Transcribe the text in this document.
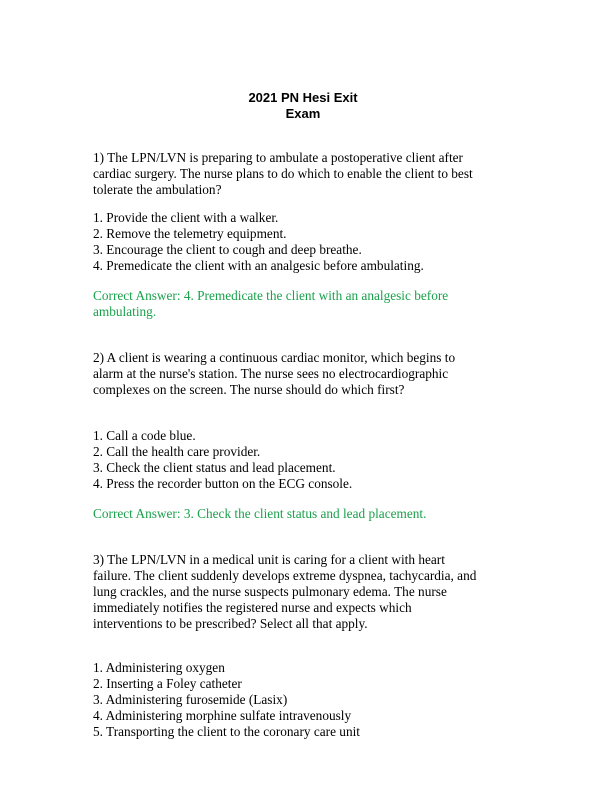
2021 PN Hesi Exit
Exam
1) The LPN/LVN is preparing to ambulate a postoperative client after
cardiac surgery. The nurse plans to do which to enable the client to best
tolerate the ambulation?
1. Provide the client with a walker.
2. Remove the telemetry equipment.
3. Encourage the client to cough and deep breathe.
4. Premedicate the client with an analgesic before ambulating.
Correct Answer: 4. Premedicate the client with an analgesic before
ambulating.
2) A client is wearing a continuous cardiac monitor, which begins to
alarm at the nurse's station. The nurse sees no electrocardiographic
complexes on the screen. The nurse should do which first?
1. Call a code blue.
2. Call the health care provider.
3. Check the client status and lead placement.
4. Press the recorder button on the ECG console.
Correct Answer: 3. Check the client status and lead placement.
3) The LPN/LVN in a medical unit is caring for a client with heart
failure. The client suddenly develops extreme dyspnea, tachycardia, and
lung crackles, and the nurse suspects pulmonary edema. The nurse
immediately notifies the registered nurse and expects which
interventions to be prescribed? Select all that apply.
1. Administering oxygen
2. Inserting a Foley catheter
3. Administering furosemide (Lasix)
4. Administering morphine sulfate intravenously
5. Transporting the client to the coronary care unit
